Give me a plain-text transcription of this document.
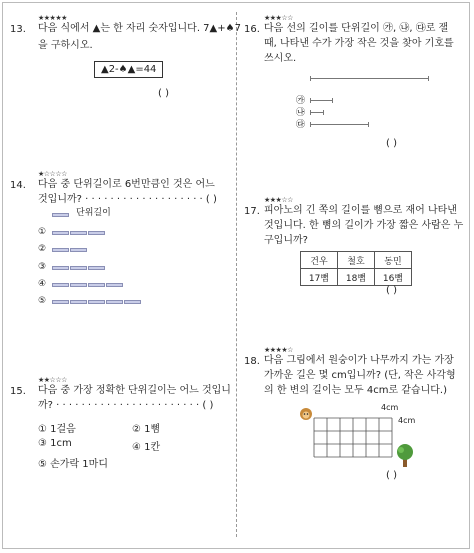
★★★★★
13. 다음 식에서 ▲는 한 자리 숫자입니다. 7▲+♠7
을 구하시오.
▲2-♠▲=44
( )
★☆☆☆☆
14. 다음 중 단위길이로 6번만큼인 것은 어느
것입니까? · · · · · · · · · · · · · · · · · · · ( )
단위길이
①
②
③
④
⑤
★★☆☆☆
15. 다음 중 가장 정확한 단위길이는 어느 것입니
까? · · · · · · · · · · · · · · · · · · · · · · · ( )
① 1걸음	② 1뼘
③ 1cm	④ 1칸
⑤ 손가락 1마디
★★★☆☆
16. 다음 선의 길이를 단위길이 ㉮, ㉯, ㉰로 잴
때, 나타낸 수가 가장 작은 것을 찾아 기호를
쓰시오.
㉮
㉯
㉰
( )
★★★☆☆
17. 피아노의 긴 쪽의 길이를 뼘으로 재어 나타낸
것입니다. 한 뼘의 길이가 가장 짧은 사람은 누
구입니까?
건우	철호	동민
17뼘	18뼘	16뼘
( )
★★★★☆
18. 다음 그림에서 원숭이가 나무까지 가는 가장
가까운 길은 몇 cm입니까? (단, 작은 사각형
의 한 변의 길이는 모두 4cm로 같습니다.)
4cm
4cm
( )
